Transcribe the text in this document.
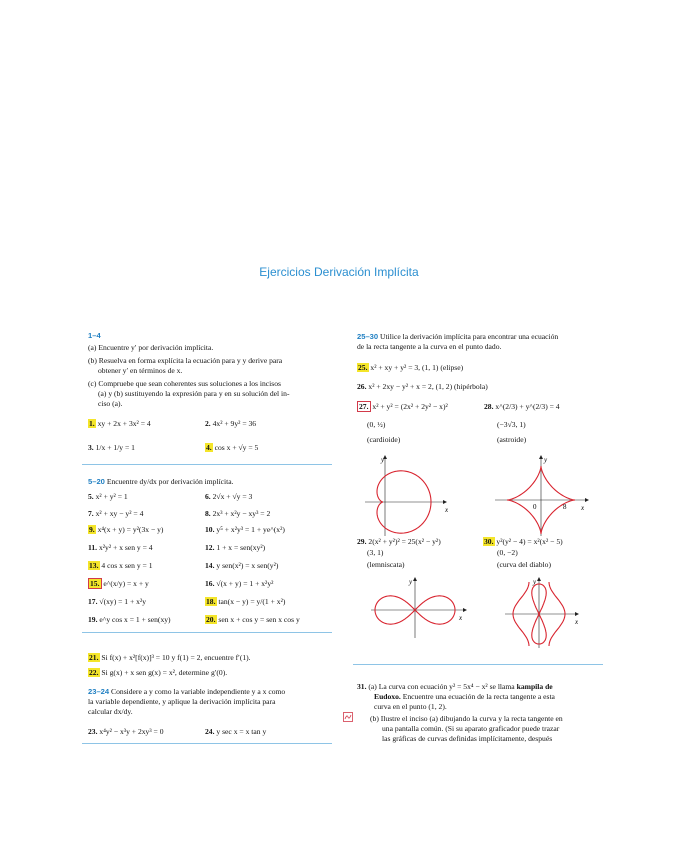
Ejercicios Derivación Implícita
1–4
(a) Encuentre y′ por derivación implícita.
(b) Resuelva en forma explícita la ecuación para y y derive para
obtener y′ en términos de x.
(c) Compruebe que sean coherentes sus soluciones a los incisos
(a) y (b) sustituyendo la expresión para y en su solución del in-
ciso (a).
1. xy + 2x + 3x² = 4	2. 4x² + 9y² = 36
3. 1/x + 1/y = 1	4. cos x + √y = 5
5–20 Encuentre dy/dx por derivación implícita.
5. x² + y² = 1	6. 2√x + √y = 3
7. x² + xy − y² = 4	8. 2x³ + x²y − xy³ = 2
9. x⁴(x + y) = y²(3x − y)	10. y⁵ + x²y³ = 1 + ye^(x²)
11. x²y² + x sen y = 4	12. 1 + x = sen(xy²)
13. 4 cos x sen y = 1	14. y sen(x²) = x sen(y²)
15. e^(x/y) = x + y	16. √(x + y) = 1 + x²y²
17. √(xy) = 1 + x²y	18. tan(x − y) = y/(1 + x²)
19. e^y cos x = 1 + sen(xy)	20. sen x + cos y = sen x cos y
21. Si f(x) + x²[f(x)]³ = 10 y f(1) = 2, encuentre f′(1).
22. Si g(x) + x sen g(x) = x², determine g′(0).
23–24 Considere a y como la variable independiente y a x como
la variable dependiente, y aplique la derivación implícita para
calcular dx/dy.
23. x⁴y² − x³y + 2xy³ = 0	24. y sec x = x tan y
25–30 Utilice la derivación implícita para encontrar una ecuación
de la recta tangente a la curva en el punto dado.
25. x² + xy + y² = 3, (1, 1) (elipse)
26. x² + 2xy − y² + x = 2, (1, 2) (hipérbola)
27. x² + y² = (2x² + 2y² − x)²	28. x^(2/3) + y^(2/3) = 4
(0, ½)	(−3√3, 1)
(cardioide)	(astroide)
y
x
y
x
0	8
29. 2(x² + y²)² = 25(x² − y²)	30. y²(y² − 4) = x²(x² − 5)
(3, 1)	(0, −2)
(lemniscata)	(curva del diablo)
y
x
y
x
31. (a) La curva con ecuación y² = 5x⁴ − x² se llama kampila de
Eudoxo. Encuentre una ecuación de la recta tangente a esta
curva en el punto (1, 2).
(b) Ilustre el inciso (a) dibujando la curva y la recta tangente en
una pantalla común. (Si su aparato graficador puede trazar
las gráficas de curvas definidas implícitamente, después
